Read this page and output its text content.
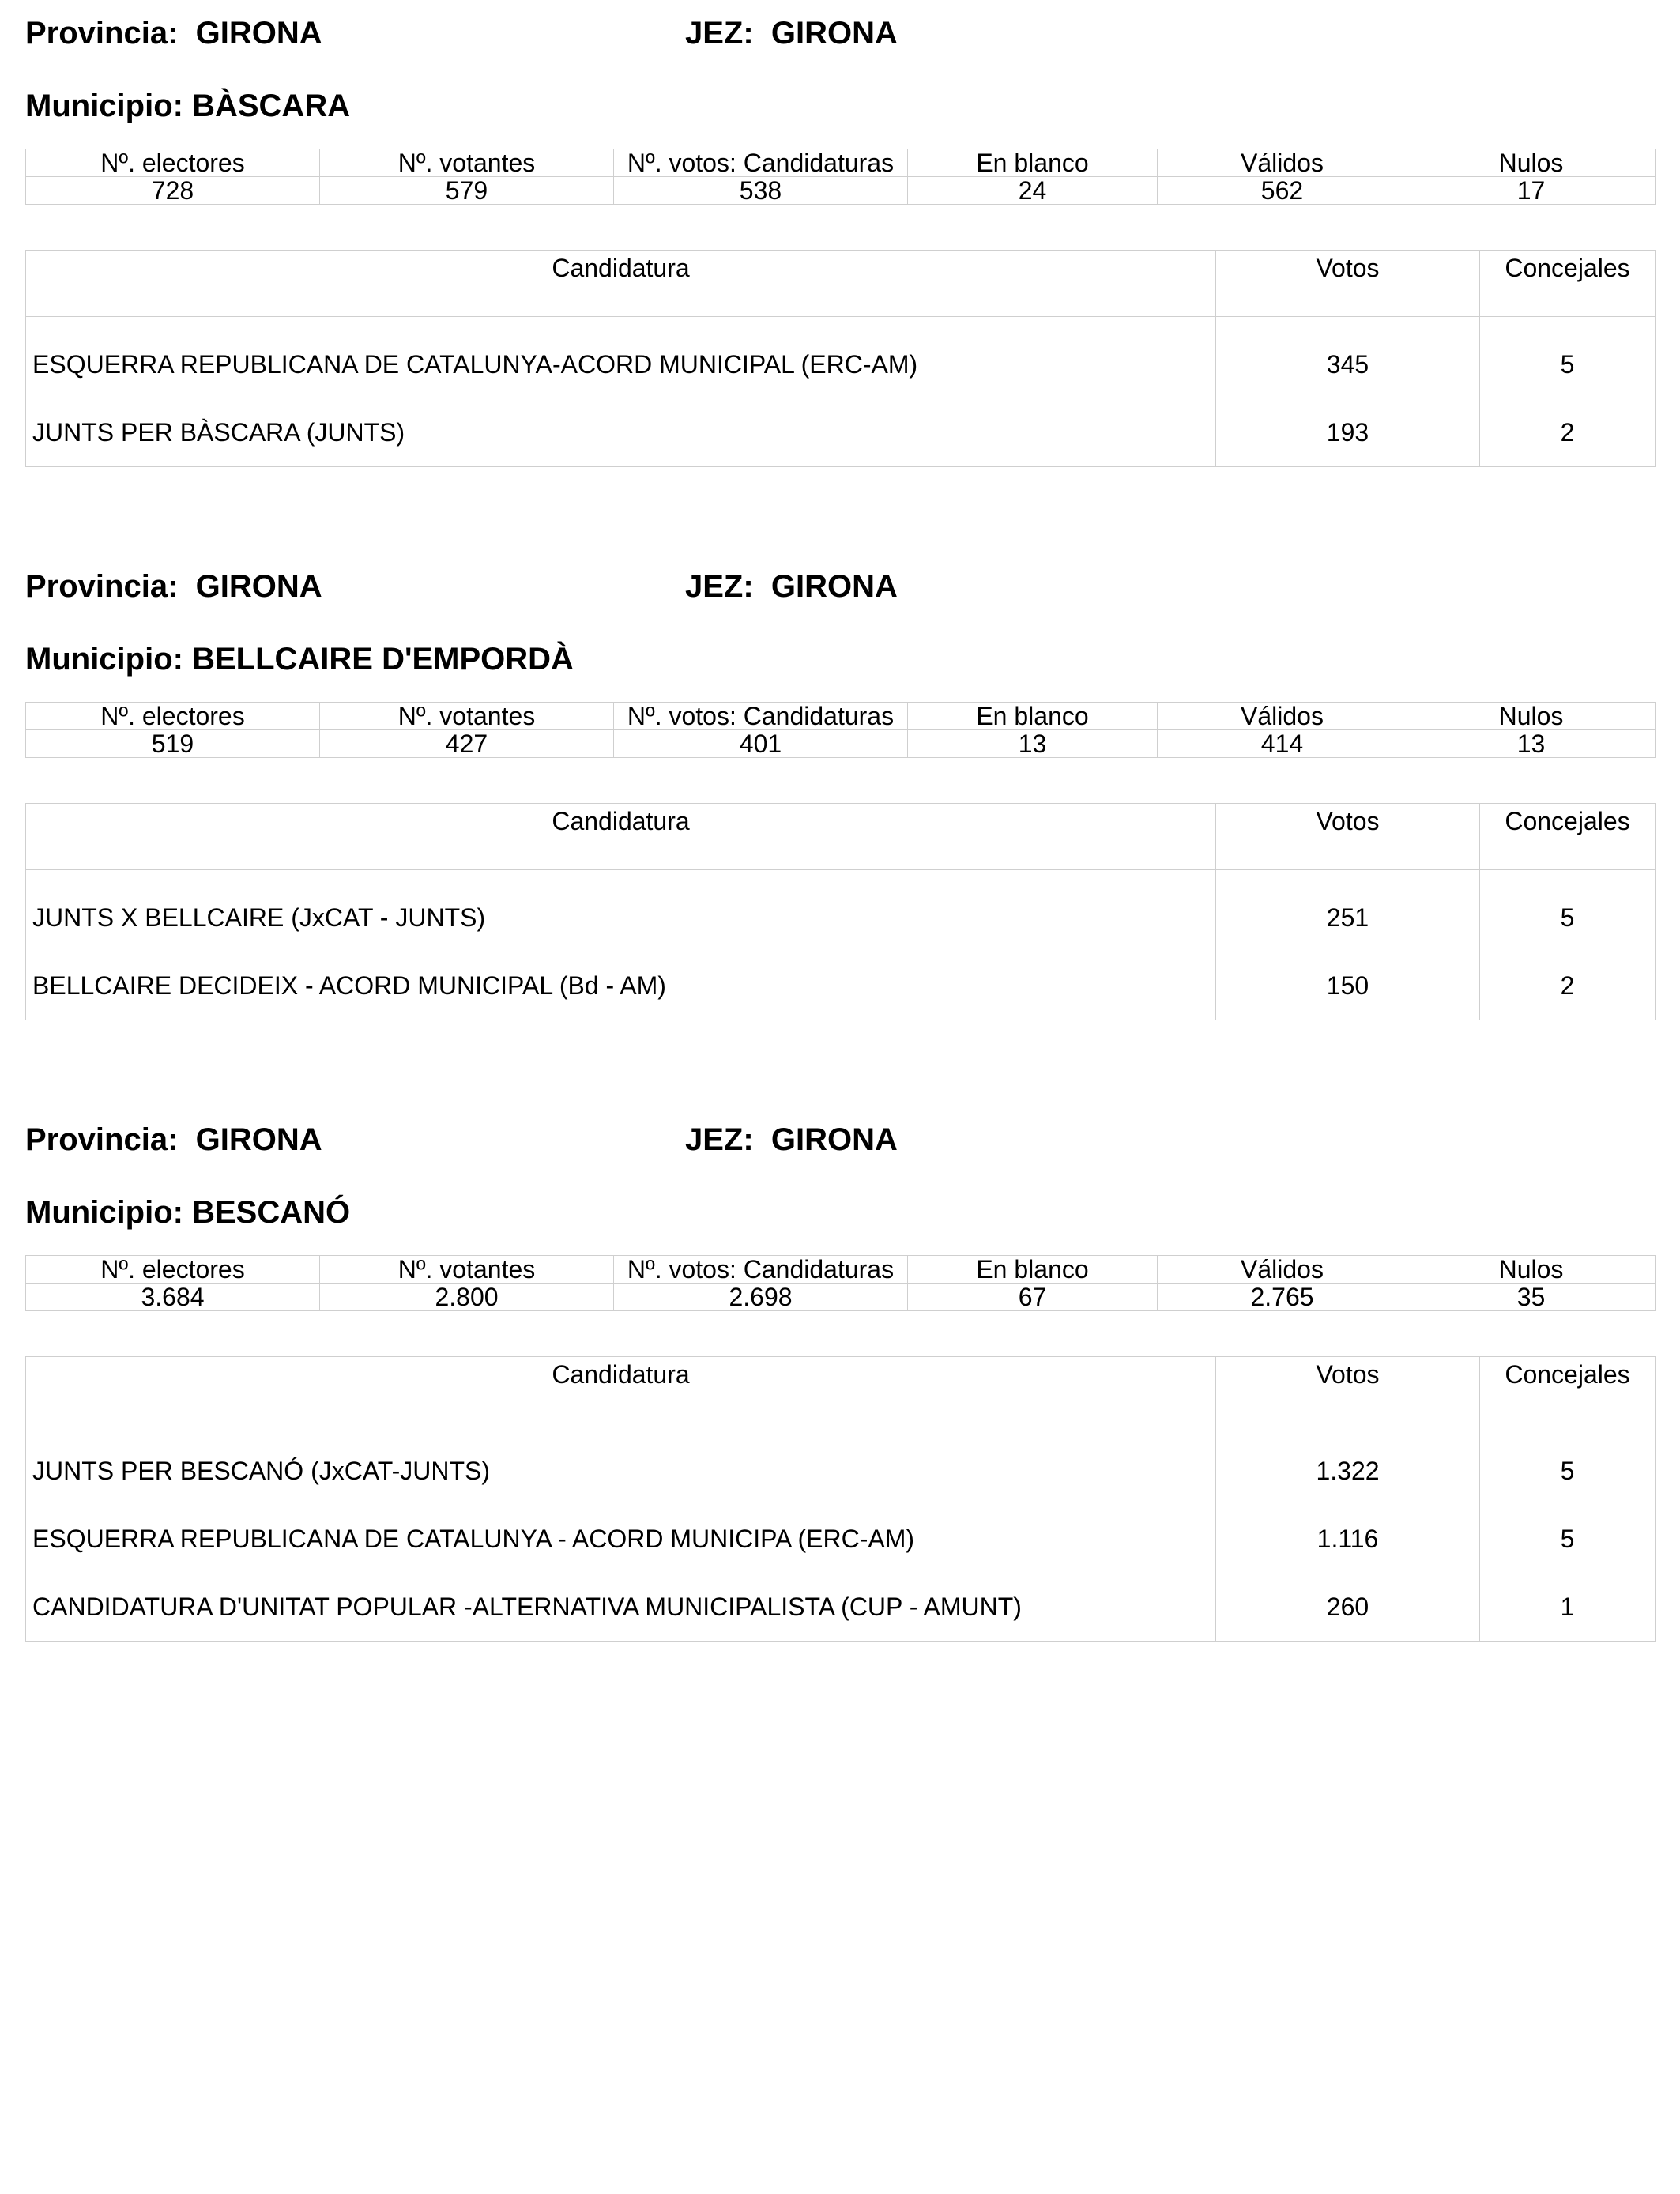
Provincia: GIRONA	JEZ: GIRONA
Municipio: BÀSCARA
Nº. electores	Nº. votantes	Nº. votos: Candidaturas	En blanco	Válidos	Nulos
728	579	538	24	562	17
Candidatura	Votos	Concejales
ESQUERRA REPUBLICANA DE CATALUNYA-ACORD MUNICIPAL (ERC-AM)	345	5
JUNTS PER BÀSCARA (JUNTS)	193	2
Provincia: GIRONA	JEZ: GIRONA
Municipio: BELLCAIRE D'EMPORDÀ
Nº. electores	Nº. votantes	Nº. votos: Candidaturas	En blanco	Válidos	Nulos
519	427	401	13	414	13
Candidatura	Votos	Concejales
JUNTS X BELLCAIRE (JxCAT - JUNTS)	251	5
BELLCAIRE DECIDEIX - ACORD MUNICIPAL (Bd - AM)	150	2
Provincia: GIRONA	JEZ: GIRONA
Municipio: BESCANÓ
Nº. electores	Nº. votantes	Nº. votos: Candidaturas	En blanco	Válidos	Nulos
3.684	2.800	2.698	67	2.765	35
Candidatura	Votos	Concejales
JUNTS PER BESCANÓ (JxCAT-JUNTS)	1.322	5
ESQUERRA REPUBLICANA DE CATALUNYA - ACORD MUNICIPA (ERC-AM)	1.116	5
CANDIDATURA D'UNITAT POPULAR -ALTERNATIVA MUNICIPALISTA (CUP - AMUNT)	260	1
